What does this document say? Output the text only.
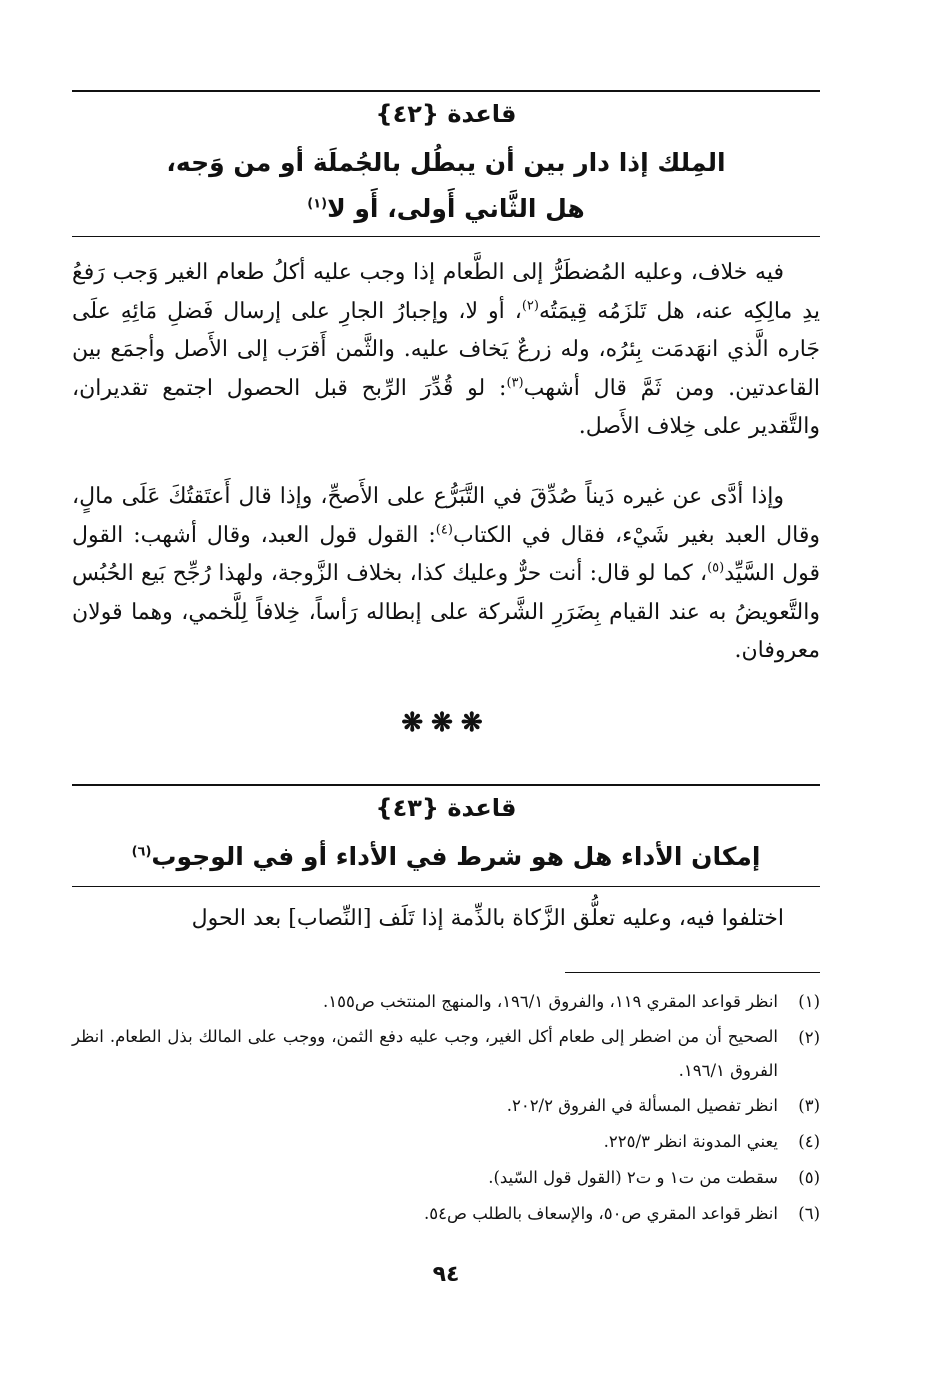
قاعدة {٤٢}
المِلك إذا دار بين أن يبطُل بالجُملَة أو من وَجه،
هل الثَّاني أَولى، أَو لا$^{(١)}$

فيه خلاف، وعليه المُضطَرُّ إلى الطَّعام إذا وجب عليه أكلُ طعام الغير وَجب رَفعُ يدِ مالِكِه عنه، هل تَلزَمُه قِيمَتُه$^{(٢)}$، أو لا، وإجبارُ الجارِ على إرسال فَضلِ مَائِهِ علَى جَاره الَّذي انهَدمَت بِئرُه، وله زرعٌ يَخاف عليه. والثَّمن أَقرَب إلى الأَصل وأجمَع بين القاعدتين. ومن ثَمَّ قال أشهب$^{(٣)}$: لو قُدِّرَ الرِّبح قبل الحصول اجتمع تقديران، والتَّقدير على خِلاف الأَصل.

وإذا أدَّى عن غيره دَيناً صُدِّقَ في التَّبَرُّع على الأَصحِّ، وإذا قال أَعتَقتُكَ عَلَى مالٍ، وقال العبد بغير شَيْء، فقال في الكتاب$^{(٤)}$: القول قول العبد، وقال أشهب: القول قول السَّيِّد$^{(٥)}$، كما لو قال: أنت حرٌّ وعليك كذا، بخلاف الزَّوجة، ولهذا رُجِّح بَيع الحُبُس والتَّعويضُ به عند القيام بِضَرَرِ الشَّركة على إبطاله رَأساً، خِلافاً لِلَّخمي، وهما قولان معروفان.

❋❋❋
قاعدة {٤٣}
إمكان الأداء هل هو شرط في الأداء أو في الوجوب$^{(٦)}$

اختلفوا فيه، وعليه تعلُّق الزَّكاة بالذِّمة إذا تَلَف [النِّصاب] بعد الحول

(١)
انظر قواعد المقري ١١٩، والفروق ١٩٦/١، والمنهج المنتخب ص١٥٥.
(٢)
الصحيح أن من اضطر إلى طعام أكل الغير، وجب عليه دفع الثمن، ووجب على المالك بذل الطعام. انظر الفروق ١٩٦/١.
(٣)
انظر تفصيل المسألة في الفروق ٢٠٢/٢.
(٤)
يعني المدونة انظر ٢٢٥/٣.
(٥)
سقطت من ت١ و ت٢ (القول قول السّيد).
(٦)
انظر قواعد المقري ص٥٠، والإسعاف بالطلب ص٥٤.
٩٤
